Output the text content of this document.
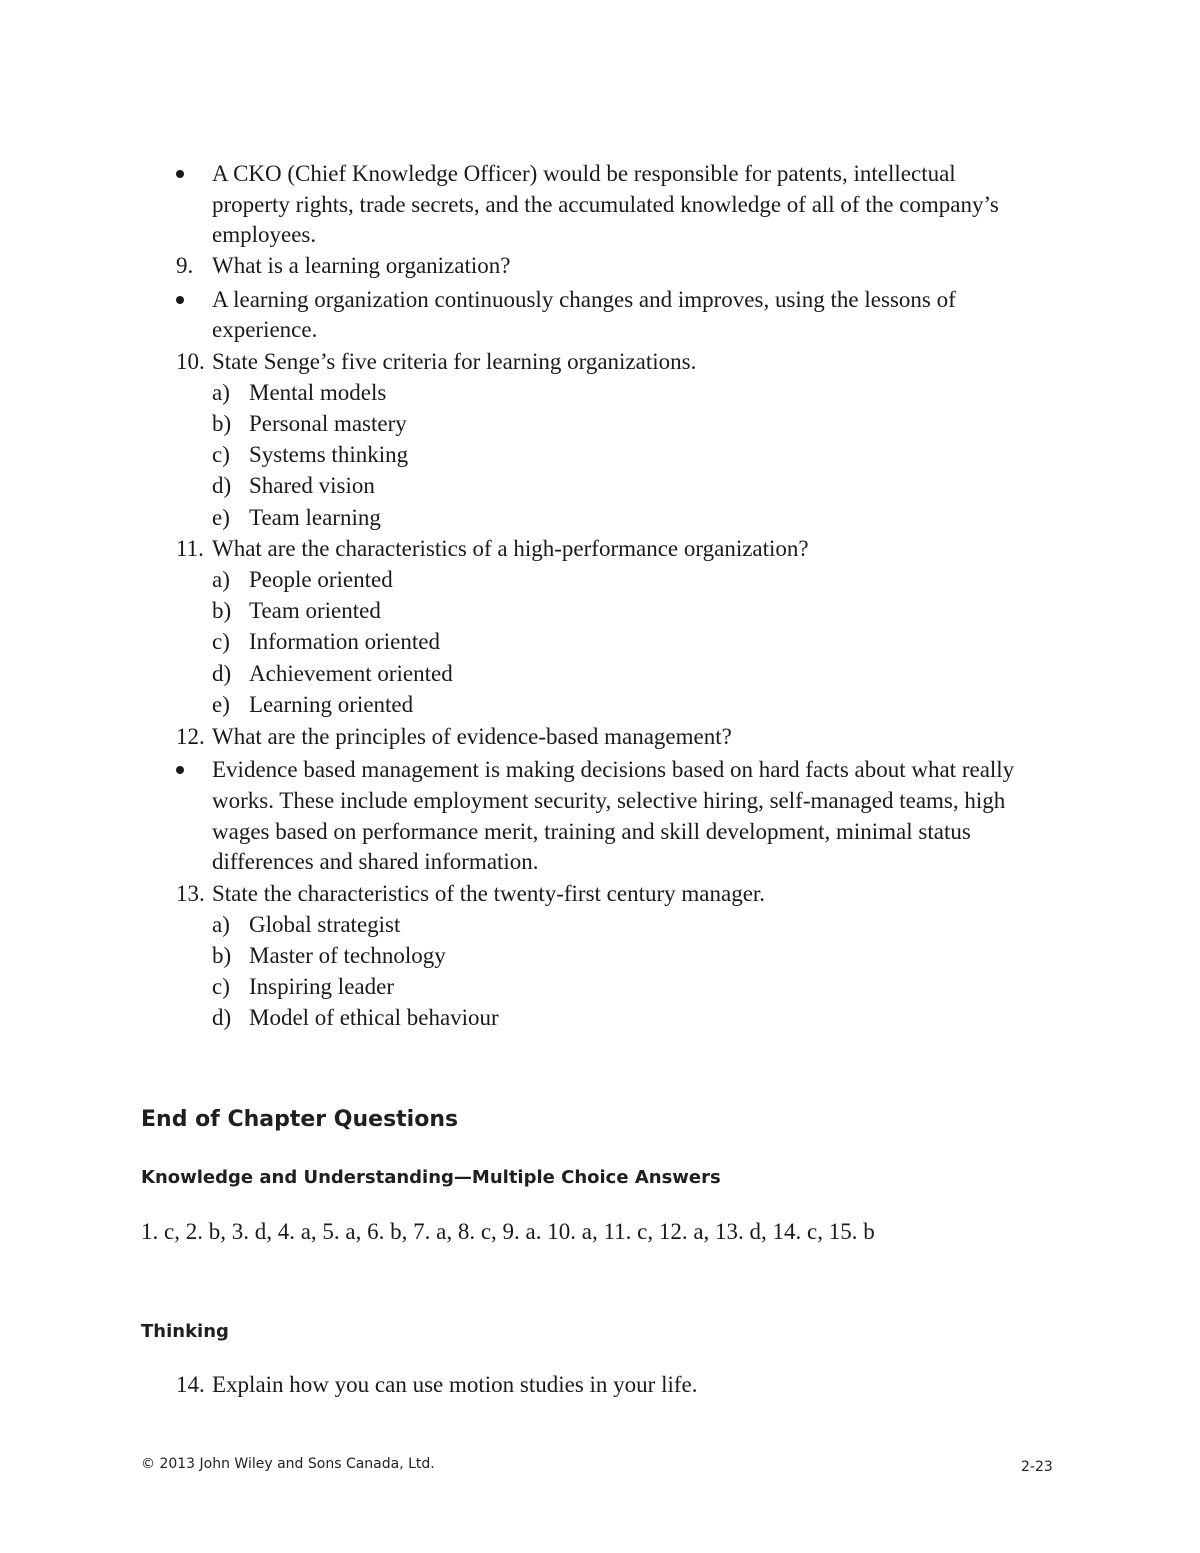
A CKO (Chief Knowledge Officer) would be responsible for patents, intellectual
property rights, trade secrets, and the accumulated knowledge of all of the company’s
employees.
9. What is a learning organization?
A learning organization continuously changes and improves, using the lessons of
experience.
10. State Senge’s five criteria for learning organizations.
a) Mental models
b) Personal mastery
c) Systems thinking
d) Shared vision
e) Team learning
11. What are the characteristics of a high-performance organization?
a) People oriented
b) Team oriented
c) Information oriented
d) Achievement oriented
e) Learning oriented
12. What are the principles of evidence-based management?
Evidence based management is making decisions based on hard facts about what really
works. These include employment security, selective hiring, self-managed teams, high
wages based on performance merit, training and skill development, minimal status
differences and shared information.
13. State the characteristics of the twenty-first century manager.
a) Global strategist
b) Master of technology
c) Inspiring leader
d) Model of ethical behaviour
End of Chapter Questions
Knowledge and Understanding—Multiple Choice Answers
1. c, 2. b, 3. d, 4. a, 5. a, 6. b, 7. a, 8. c, 9. a. 10. a, 11. c, 12. a, 13. d, 14. c, 15. b
Thinking
14. Explain how you can use motion studies in your life.
© 2013 John Wiley and Sons Canada, Ltd.	2-23
